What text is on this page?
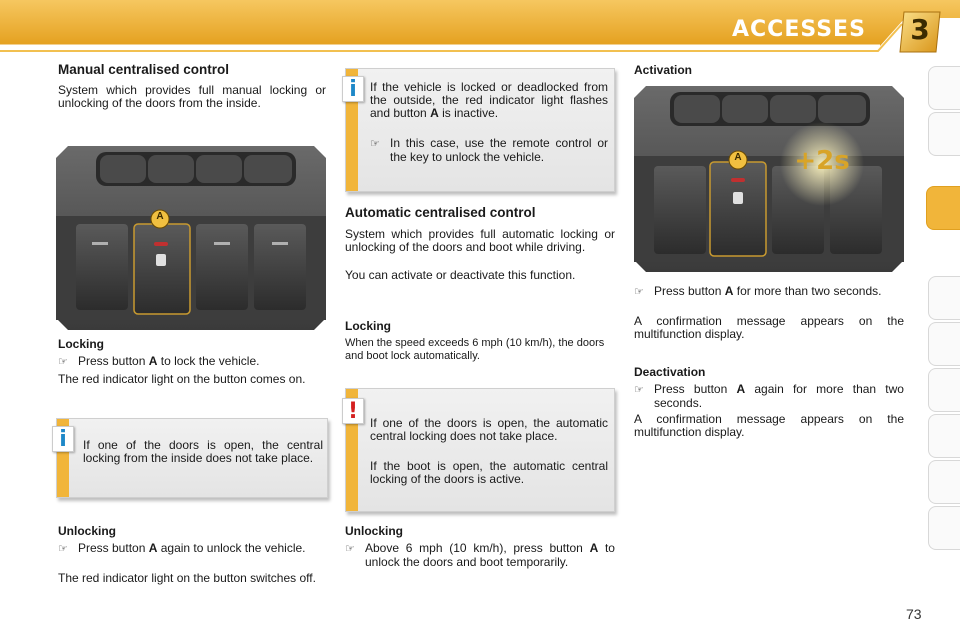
ACCESSES	3
Manual centralised control
System which provides full manual locking or unlocking of the doors from the inside.
A
Locking
☞ Press button A to lock the vehicle.
The red indicator light on the button comes on.
If one of the doors is open, the central locking from the inside does not take place.
i
Unlocking
☞ Press button A again to unlock the vehicle.
The red indicator light on the button switches off.
If the vehicle is locked or deadlocked from the outside, the red indicator light flashes and button A is inactive.
☞ In this case, use the remote control or the key to unlock the vehicle.
i
Automatic centralised control
System which provides full automatic locking or unlocking of the doors and boot while driving.
You can activate or deactivate this function.
Locking
When the speed exceeds 6 mph (10 km/h), the doors and boot lock automatically.
If one of the doors is open, the automatic central locking does not take place.
If the boot is open, the automatic central locking of the doors is active.
!
Unlocking
☞ Above 6 mph (10 km/h), press button A to unlock the doors and boot temporarily.
Activation
A	+2s
☞ Press button A for more than two seconds.
A confirmation message appears on the multifunction display.
Deactivation
☞ Press button A again for more than two seconds.
A confirmation message appears on the multifunction display.
73
